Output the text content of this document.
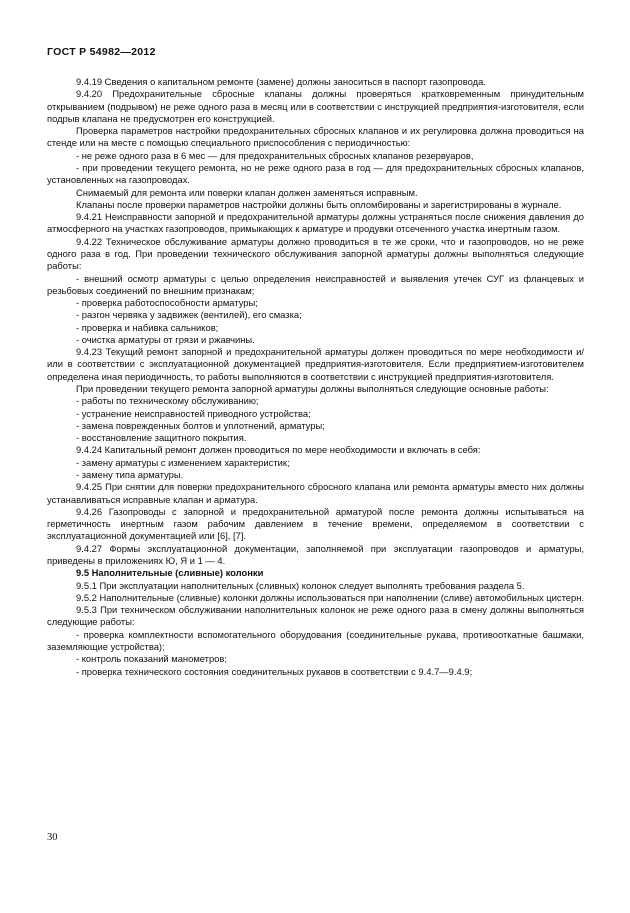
ГОСТ Р 54982—2012

9.4.19 Сведения о капитальном ремонте (замене) должны заноситься в паспорт газопровода.

9.4.20 Предохранительные сбросные клапаны должны проверяться кратковременным принудительным открыванием (подрывом) не реже одного раза в месяц или в соответствии с инструкцией предприятия-изготовителя, если подрыв клапана не предусмотрен его конструкцией.

Проверка параметров настройки предохранительных сбросных клапанов и их регулировка должна проводиться на стенде или на месте с помощью специального приспособления с периодичностью:

- не реже одного раза в 6 мес — для предохранительных сбросных клапанов резервуаров,

- при проведении текущего ремонта, но не реже одного раза в год — для предохранительных сбросных клапанов, установленных на газопроводах.

Снимаемый для ремонта или поверки клапан должен заменяться исправным.

Клапаны после проверки параметров настройки должны быть опломбированы и зарегистрированы в журнале.

9.4.21 Неисправности запорной и предохранительной арматуры должны устраняться после снижения давления до атмосферного на участках газопроводов, примыкающих к арматуре и продувки отсеченного участка инертным газом.

9.4.22 Техническое обслуживание арматуры должно проводиться в те же сроки, что и газопроводов, но не реже одного раза в год. При проведении технического обслуживания запорной арматуры должны выполняться следующие работы:

- внешний осмотр арматуры с целью определения неисправностей и выявления утечек СУГ из фланцевых и резьбовых соединений по внешним признакам;

- проверка работоспособности арматуры;

- разгон червяка у задвижек (вентилей), его смазка;

- проверка и набивка сальников;

- очистка арматуры от грязи и ржавчины.

9.4.23 Текущий ремонт запорной и предохранительной арматуры должен проводиться по мере необходимости и/или в соответствии с эксплуатационной документацией предприятия-изготовителя. Если предприятием-изготовителем определена иная периодичность, то работы выполняются в соответствии с инструкцией предприятия-изготовителя.

При проведении текущего ремонта запорной арматуры должны выполняться следующие основные работы:

- работы по техническому обслуживанию;

- устранение неисправностей приводного устройства;

- замена поврежденных болтов и уплотнений, арматуры;

- восстановление защитного покрытия.

9.4.24 Капитальный ремонт должен проводиться по мере необходимости и включать в себя:

- замену арматуры с изменением характеристик;

- замену типа арматуры.

9.4.25 При снятии для поверки предохранительного сбросного клапана или ремонта арматуры вместо них должны устанавливаться исправные клапан и арматура.

9.4.26 Газопроводы с запорной и предохранительной арматурой после ремонта должны испытываться на герметичность инертным газом рабочим давлением в течение времени, определяемом в соответствии с эксплуатационной документацией или [6], [7].

9.4.27 Формы эксплуатационной документации, заполняемой при эксплуатации газопроводов и арматуры, приведены в приложениях Ю, Я и 1 — 4.

9.5 Наполнительные (сливные) колонки

9.5.1 При эксплуатации наполнительных (сливных) колонок следует выполнять требования раздела 5.

9.5.2 Наполнительные (сливные) колонки должны использоваться при наполнении (сливе) автомобильных цистерн.

9.5.3 При техническом обслуживании наполнительных колонок не реже одного раза в смену должны выполняться следующие работы:

- проверка комплектности вспомогательного оборудования (соединительные рукава, противооткатные башмаки, заземляющие устройства);

- контроль показаний манометров;

- проверка технического состояния соединительных рукавов в соответствии с 9.4.7—9.4.9;

30
